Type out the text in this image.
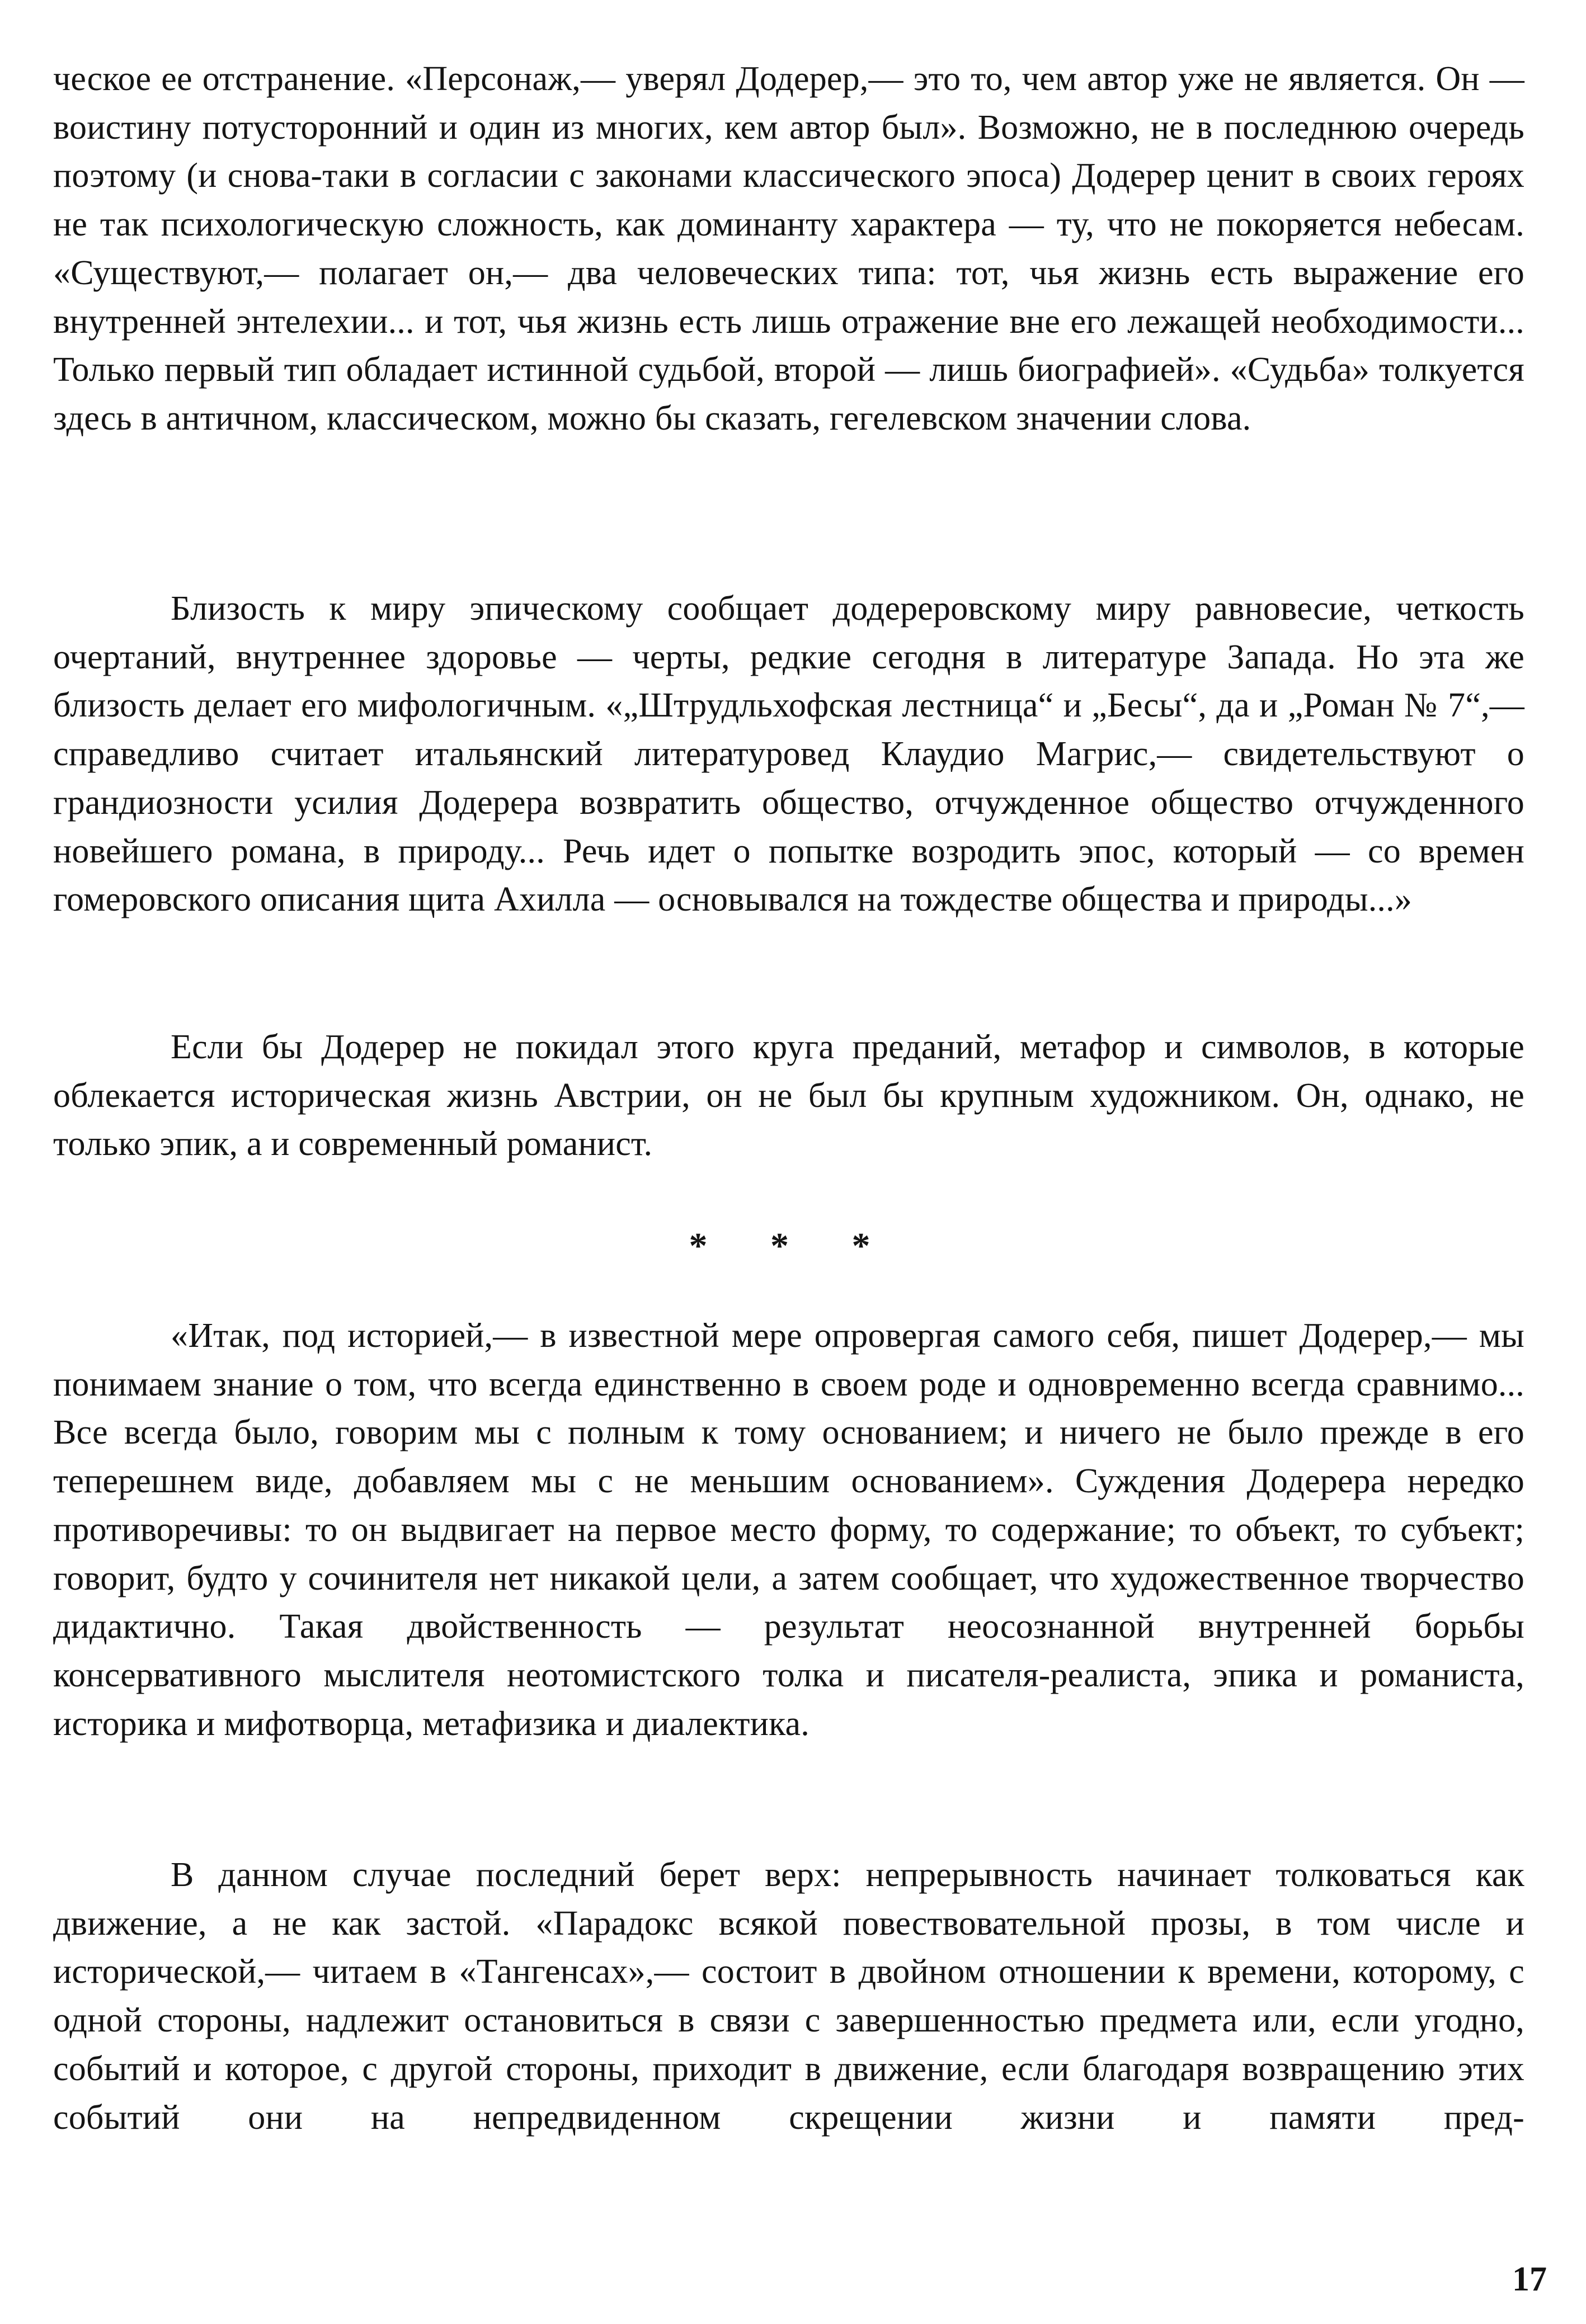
ческое ее отстранение. «Персонаж,— уверял Додерер,— это то, чем автор уже не является. Он — воистину потусторонний и один из многих, кем автор был». Возможно, не в последнюю очередь поэтому (и снова-таки в согласии с законами классического эпоса) Додерер ценит в своих героях не так психологическую сложность, как доминанту характера — ту, что не покоряется небесам. «Существуют,— полагает он,— два человеческих типа: тот, чья жизнь есть выражение его внутренней энтелехии... и тот, чья жизнь есть лишь отражение вне его лежащей необходимости... Только первый тип обладает истинной судьбой, второй — лишь биографией». «Судьба» толкуется здесь в античном, классическом, можно бы сказать, гегелевском значении слова.

Близость к миру эпическому сообщает додереровскому миру равновесие, четкость очертаний, внутреннее здоровье — черты, редкие сегодня в литературе Запада. Но эта же близость делает его мифологичным. «„Штрудльхофская лестница“ и „Бесы“, да и „Роман № 7“,— справедливо считает итальянский литературовед Клаудио Магрис,— свидетельствуют о грандиозности усилия Додерера возвратить общество, отчужденное общество отчужденного новейшего романа, в природу... Речь идет о попытке возродить эпос, который — со времен гомеровского описания щита Ахилла — основывался на тождестве общества и природы...»

Если бы Додерер не покидал этого круга преданий, метафор и символов, в которые облекается историческая жизнь Австрии, он не был бы крупным художником. Он, однако, не только эпик, а и современный романист.

* * *

«Итак, под историей,— в известной мере опровергая самого себя, пишет Додерер,— мы понимаем знание о том, что всегда единственно в своем роде и одновременно всегда сравнимо... Все всегда было, говорим мы с полным к тому основанием; и ничего не было прежде в его теперешнем виде, добавляем мы с не меньшим основанием». Суждения Додерера нередко противоречивы: то он выдвигает на первое место форму, то содержание; то объект, то субъект; говорит, будто у сочинителя нет никакой цели, а затем сообщает, что художественное творчество дидактично. Такая двойственность — результат неосознанной внутренней борьбы консервативного мыслителя неотомистского толка и писателя-реалиста, эпика и романиста, историка и мифотворца, метафизика и диалектика.

В данном случае последний берет верх: непрерывность начинает толковаться как движение, а не как застой. «Парадокс всякой повествовательной прозы, в том числе и исторической,— читаем в «Тангенсах»,— состоит в двойном отношении к времени, которому, с одной стороны, надлежит остановиться в связи с завершенностью предмета или, если угодно, событий и которое, с другой стороны, приходит в движение, если благодаря возвращению этих событий они на непредвиденном скрещении жизни и памяти пред-

17
